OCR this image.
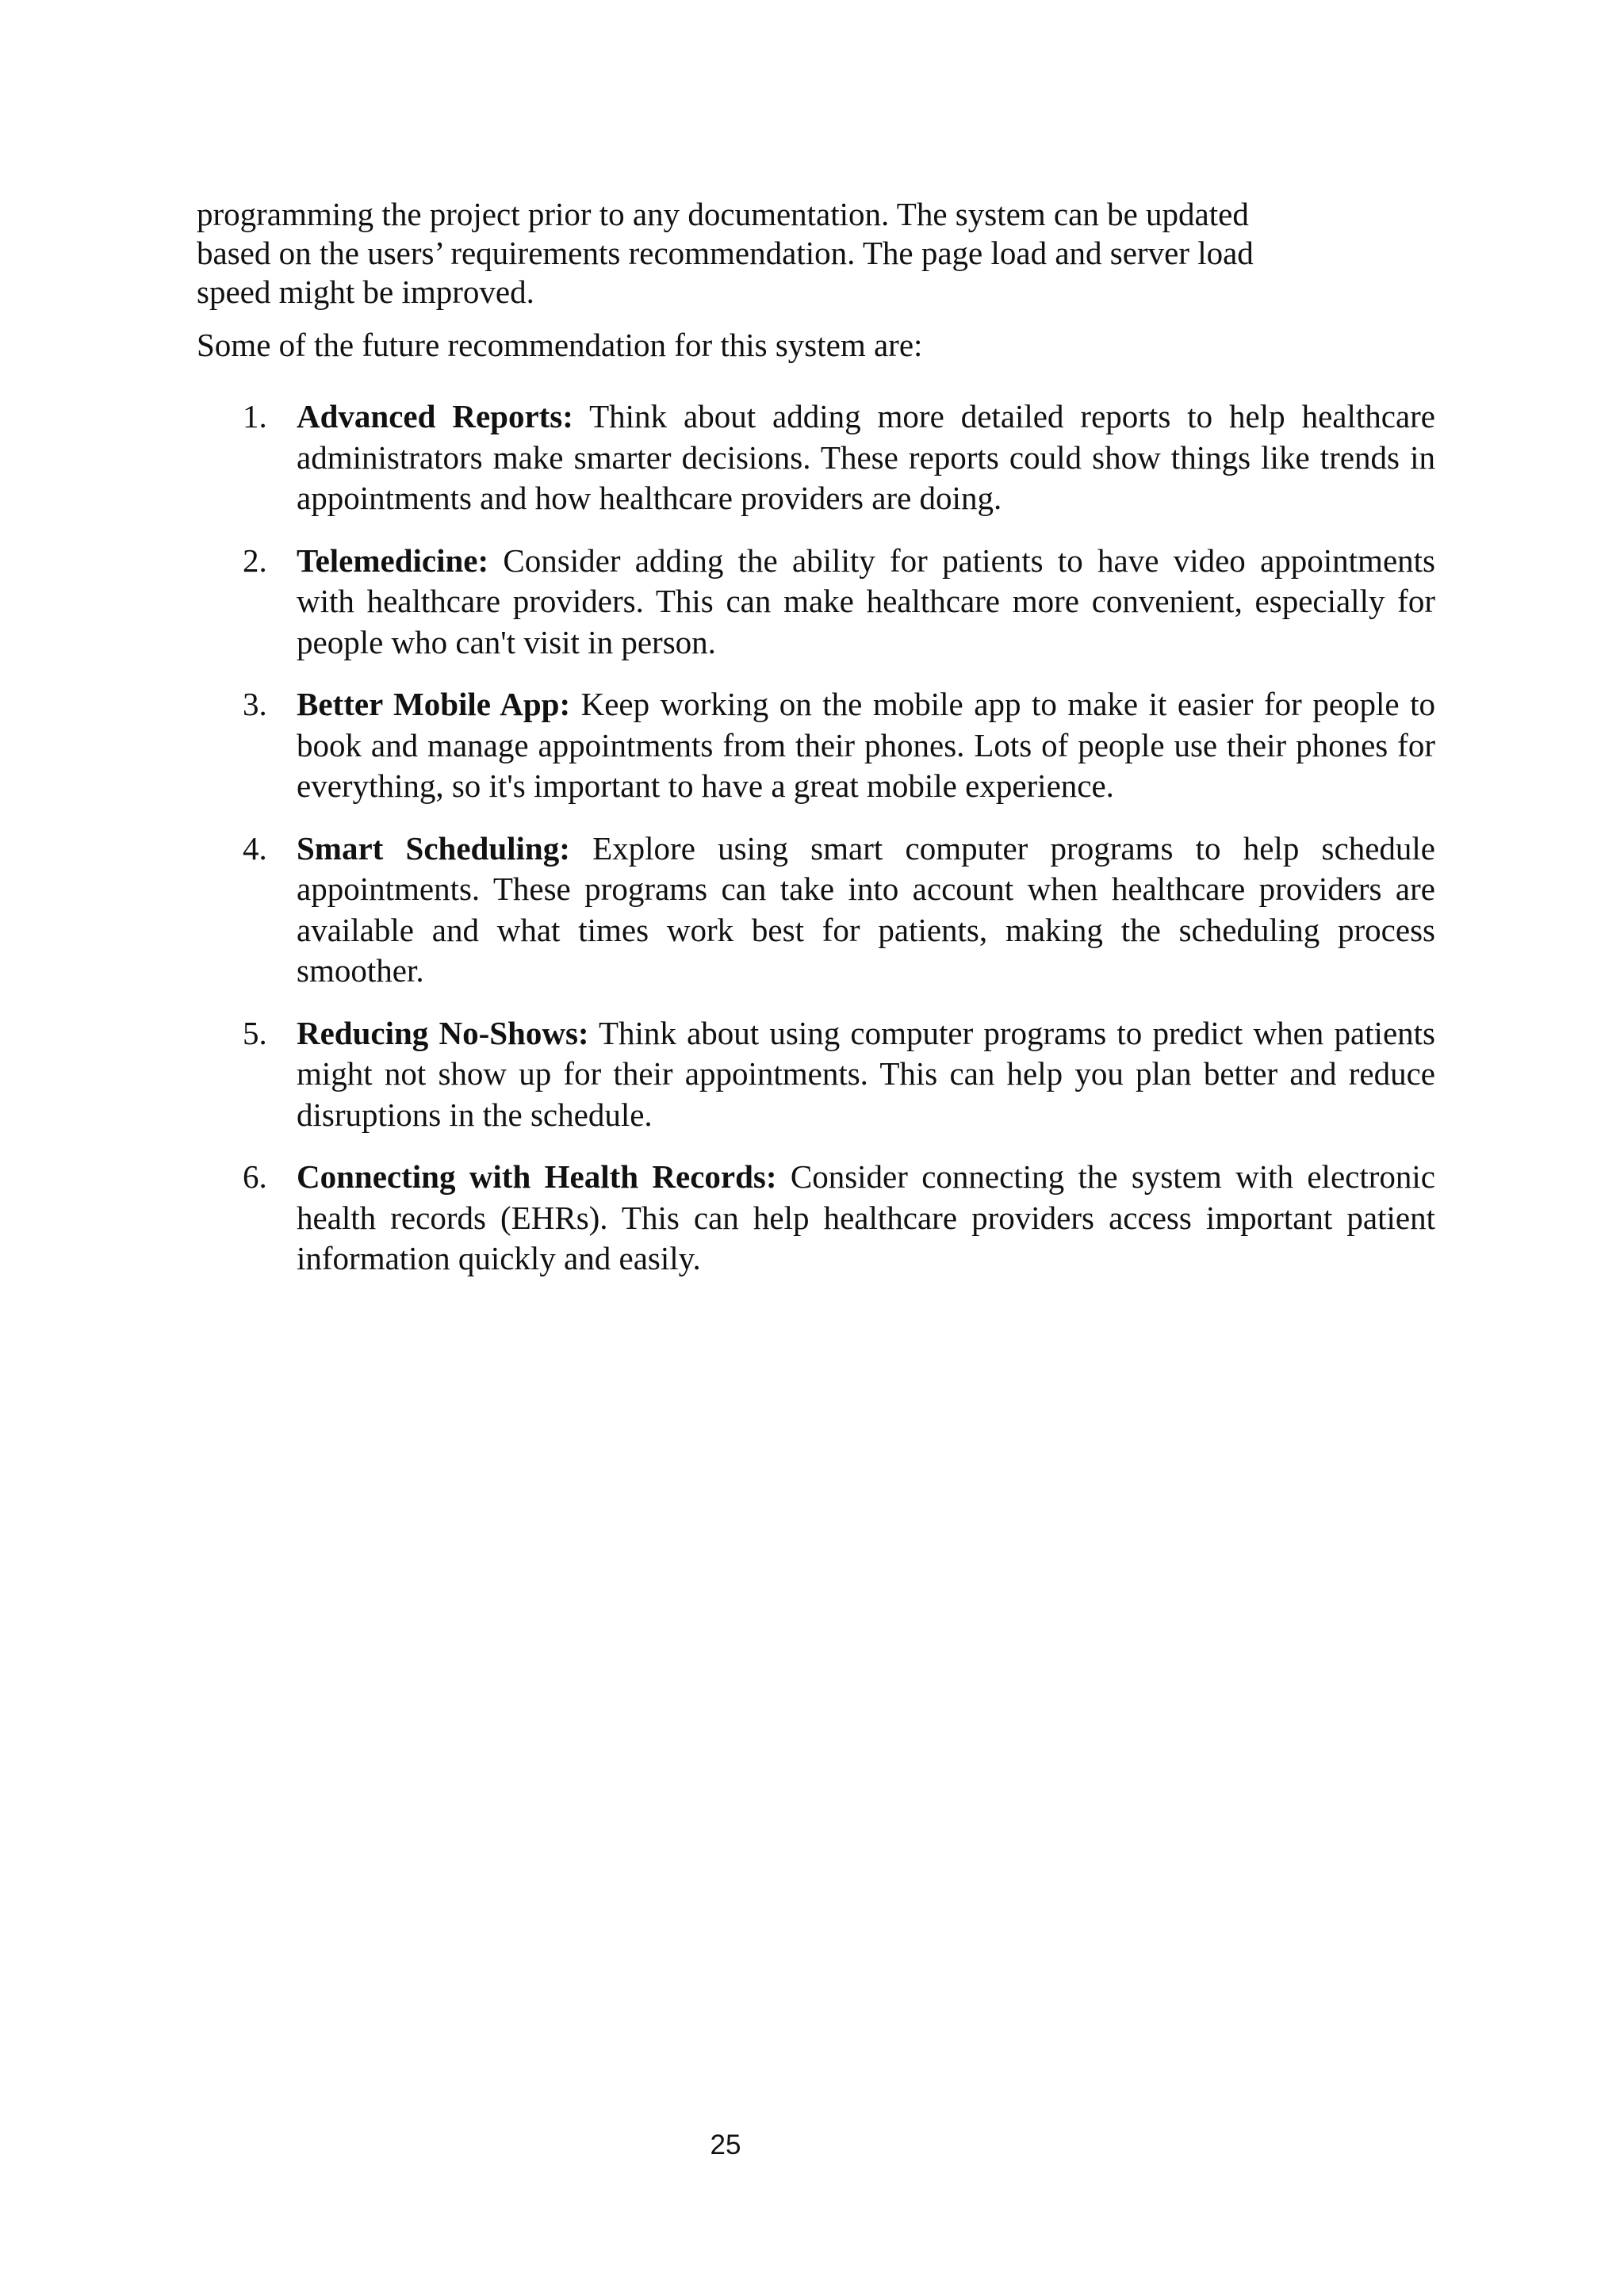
programming the project prior to any documentation. The system can be updated based on the users’ requirements recommendation. The page load and server load speed might be improved.

Some of the future recommendation for this system are:

1. Advanced Reports: Think about adding more detailed reports to help healthcare administrators make smarter decisions. These reports could show things like trends in appointments and how healthcare providers are doing.
2. Telemedicine: Consider adding the ability for patients to have video appointments with healthcare providers. This can make healthcare more convenient, especially for people who can't visit in person.
3. Better Mobile App: Keep working on the mobile app to make it easier for people to book and manage appointments from their phones. Lots of people use their phones for everything, so it's important to have a great mobile experience.
4. Smart Scheduling: Explore using smart computer programs to help schedule appointments. These programs can take into account when healthcare providers are available and what times work best for patients, making the scheduling process smoother.
5. Reducing No-Shows: Think about using computer programs to predict when patients might not show up for their appointments. This can help you plan better and reduce disruptions in the schedule.
6. Connecting with Health Records: Consider connecting the system with electronic health records (EHRs). This can help healthcare providers access important patient information quickly and easily.

25
